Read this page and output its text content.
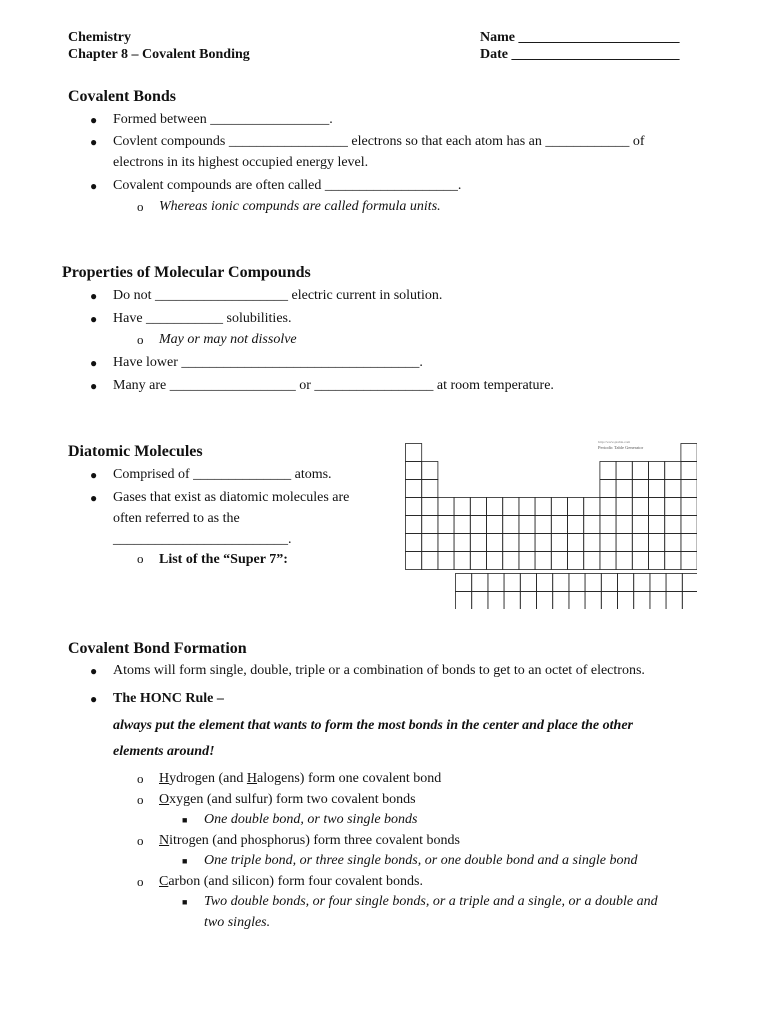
Chemistry
Chapter 8 – Covalent Bonding
Name _______________________
Date ________________________
Covalent Bonds
● Formed between _________________.
● Covlent compounds _________________ electrons so that each atom has an ____________ of
electrons in its highest occupied energy level.
● Covalent compounds are often called ___________________.
o Whereas ionic compunds are called formula units.
Properties of Molecular Compounds
● Do not ___________________ electric current in solution.
● Have ___________ solubilities.
o May or may not dissolve
● Have lower __________________________________.
● Many are __________________ or _________________ at room temperature.
Diatomic Molecules
● Comprised of ______________ atoms.
● Gases that exist as diatomic molecules are
often referred to as the
_________________________.
o List of the “Super 7”:
http://www.ptable.com
Periodic Table Generator
Covalent Bond Formation
● Atoms will form single, double, triple or a combination of bonds to get to an octet of electrons.
● The HONC Rule –
always put the element that wants to form the most bonds in the center and place the other
elements around!
o Hydrogen (and Halogens) form one covalent bond
o Oxygen (and sulfur) form two covalent bonds
■ One double bond, or two single bonds
o Nitrogen (and phosphorus) form three covalent bonds
■ One triple bond, or three single bonds, or one double bond and a single bond
o Carbon (and silicon) form four covalent bonds.
■ Two double bonds, or four single bonds, or a triple and a single, or a double and
two singles.
